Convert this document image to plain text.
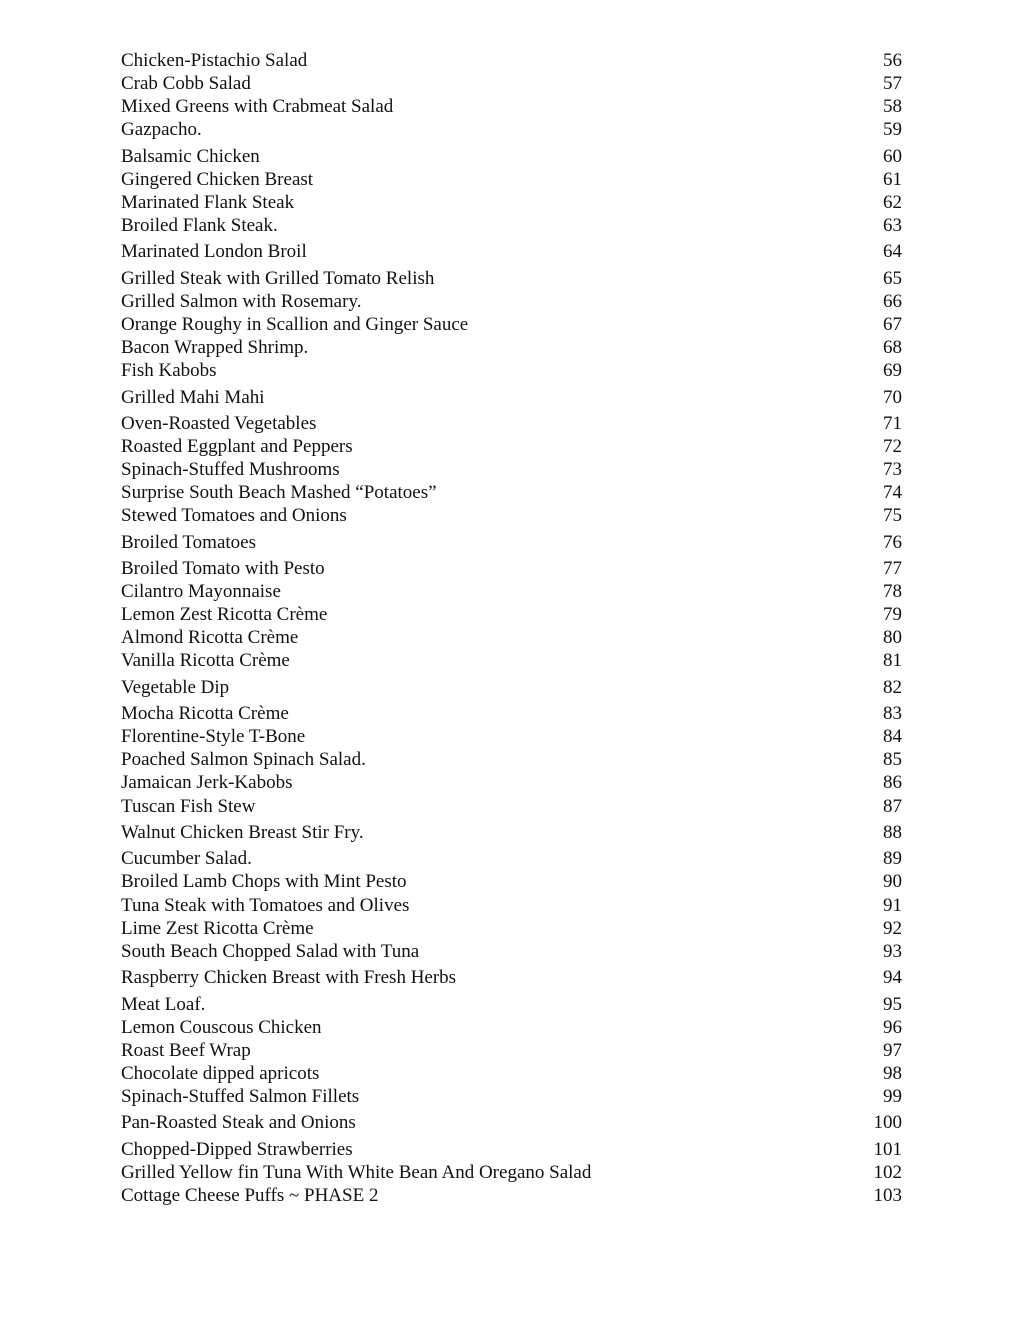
Chicken-Pistachio Salad	56
Crab Cobb Salad	57
Mixed Greens with Crabmeat Salad	58
Gazpacho.	59
Balsamic Chicken	60
Gingered Chicken Breast	61
Marinated Flank Steak	62
Broiled Flank Steak.	63
Marinated London Broil	64
Grilled Steak with Grilled Tomato Relish	65
Grilled Salmon with Rosemary.	66
Orange Roughy in Scallion and Ginger Sauce	67
Bacon Wrapped Shrimp.	68
Fish Kabobs	69
Grilled Mahi Mahi	70
Oven-Roasted Vegetables	71
Roasted Eggplant and Peppers	72
Spinach-Stuffed Mushrooms	73
Surprise South Beach Mashed “Potatoes”	74
Stewed Tomatoes and Onions	75
Broiled Tomatoes	76
Broiled Tomato with Pesto	77
Cilantro Mayonnaise	78
Lemon Zest Ricotta Crème	79
Almond Ricotta Crème	80
Vanilla Ricotta Crème	81
Vegetable Dip	82
Mocha Ricotta Crème	83
Florentine-Style T-Bone	84
Poached Salmon Spinach Salad.	85
Jamaican Jerk-Kabobs	86
Tuscan Fish Stew	87
Walnut Chicken Breast Stir Fry.	88
Cucumber Salad.	89
Broiled Lamb Chops with Mint Pesto	90
Tuna Steak with Tomatoes and Olives	91
Lime Zest Ricotta Crème	92
South Beach Chopped Salad with Tuna	93
Raspberry Chicken Breast with Fresh Herbs	94
Meat Loaf.	95
Lemon Couscous Chicken	96
Roast Beef Wrap	97
Chocolate dipped apricots	98
Spinach-Stuffed Salmon Fillets	99
Pan-Roasted Steak and Onions	100
Chopped-Dipped Strawberries	101
Grilled Yellow fin Tuna With White Bean And Oregano Salad	102
Cottage Cheese Puffs ~ PHASE 2	103
